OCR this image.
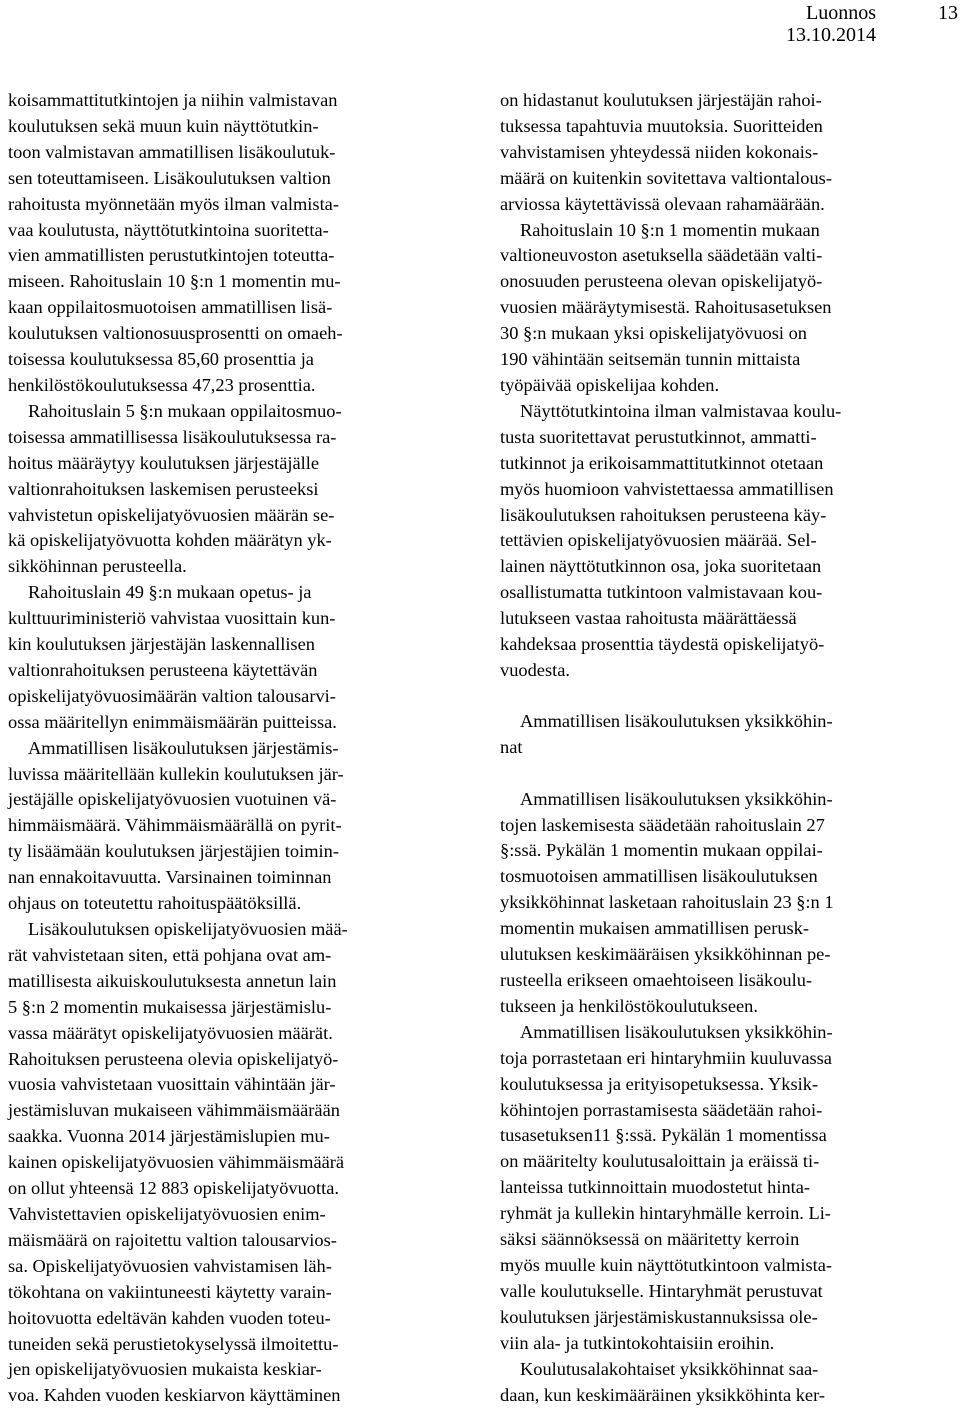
Luonnos
13.10.2014
13

koisammattitutkintojen ja niihin valmistavan
koulutuksen sekä muun kuin näyttötutkin-
toon valmistavan ammatillisen lisäkoulutuk-
sen toteuttamiseen. Lisäkoulutuksen valtion
rahoitusta myönnetään myös ilman valmista-
vaa koulutusta, näyttötutkintoina suoritetta-
vien ammatillisten perustutkintojen toteutta-
miseen. Rahoituslain 10 §:n 1 momentin mu-
kaan oppilaitosmuotoisen ammatillisen lisä-
koulutuksen valtionosuusprosentti on omaeh-
toisessa koulutuksessa 85,60 prosenttia ja
henkilöstökoulutuksessa 47,23 prosenttia.

Rahoituslain 5 §:n mukaan oppilaitosmuo-
toisessa ammatillisessa lisäkoulutuksessa ra-
hoitus määräytyy koulutuksen järjestäjälle
valtionrahoituksen laskemisen perusteeksi
vahvistetun opiskelijatyövuosien määrän se-
kä opiskelijatyövuotta kohden määrätyn yk-
sikköhinnan perusteella.

Rahoituslain 49 §:n mukaan opetus- ja
kulttuuriministeriö vahvistaa vuosittain kun-
kin koulutuksen järjestäjän laskennallisen
valtionrahoituksen perusteena käytettävän
opiskelijatyövuosimäärän valtion talousarvi-
ossa määritellyn enimmäismäärän puitteissa.

Ammatillisen lisäkoulutuksen järjestämis-
luvissa määritellään kullekin koulutuksen jär-
jestäjälle opiskelijatyövuosien vuotuinen vä-
himmäismäärä. Vähimmäismäärällä on pyrit-
ty lisäämään koulutuksen järjestäjien toimin-
nan ennakoitavuutta. Varsinainen toiminnan
ohjaus on toteutettu rahoituspäätöksillä.

Lisäkoulutuksen opiskelijatyövuosien mää-
rät vahvistetaan siten, että pohjana ovat am-
matillisesta aikuiskoulutuksesta annetun lain
5 §:n 2 momentin mukaisessa järjestämislu-
vassa määrätyt opiskelijatyövuosien määrät.
Rahoituksen perusteena olevia opiskelijatyö-
vuosia vahvistetaan vuosittain vähintään jär-
jestämisluvan mukaiseen vähimmäismäärään
saakka. Vuonna 2014 järjestämislupien mu-
kainen opiskelijatyövuosien vähimmäismäärä
on ollut yhteensä 12 883 opiskelijatyövuotta.
Vahvistettavien opiskelijatyövuosien enim-
mäismäärä on rajoitettu valtion talousarvios-
sa. Opiskelijatyövuosien vahvistamisen läh-
tökohtana on vakiintuneesti käytetty varain-
hoitovuotta edeltävän kahden vuoden toteu-
tuneiden sekä perustietokyselyssä ilmoitettu-
jen opiskelijatyövuosien mukaista keskiar-
voa. Kahden vuoden keskiarvon käyttäminen

on hidastanut koulutuksen järjestäjän rahoi-
tuksessa tapahtuvia muutoksia. Suoritteiden
vahvistamisen yhteydessä niiden kokonais-
määrä on kuitenkin sovitettava valtiontalous-
arviossa käytettävissä olevaan rahamäärään.

Rahoituslain 10 §:n 1 momentin mukaan
valtioneuvoston asetuksella säädetään valti-
onosuuden perusteena olevan opiskelijatyö-
vuosien määräytymisestä. Rahoitusasetuksen
30 §:n mukaan yksi opiskelijatyövuosi on
190 vähintään seitsemän tunnin mittaista
työpäivää opiskelijaa kohden.

Näyttötutkintoina ilman valmistavaa koulu-
tusta suoritettavat perustutkinnot, ammatti-
tutkinnot ja erikoisammattitutkinnot otetaan
myös huomioon vahvistettaessa ammatillisen
lisäkoulutuksen rahoituksen perusteena käy-
tettävien opiskelijatyövuosien määrää. Sel-
lainen näyttötutkinnon osa, joka suoritetaan
osallistumatta tutkintoon valmistavaan kou-
lutukseen vastaa rahoitusta määrättäessä
kahdeksaa prosenttia täydestä opiskelijatyö-
vuodesta.

Ammatillisen lisäkoulutuksen yksikköhin-
nat

Ammatillisen lisäkoulutuksen yksikköhin-
tojen laskemisesta säädetään rahoituslain 27
§:ssä. Pykälän 1 momentin mukaan oppilai-
tosmuotoisen ammatillisen lisäkoulutuksen
yksikköhinnat lasketaan rahoituslain 23 §:n 1
momentin mukaisen ammatillisen perusk-
ulutuksen keskimääräisen yksikköhinnan pe-
rusteella erikseen omaehtoiseen lisäkoulu-
tukseen ja henkilöstökoulutukseen.

Ammatillisen lisäkoulutuksen yksikköhin-
toja porrastetaan eri hintaryhmiin kuuluvassa
koulutuksessa ja erityisopetuksessa. Yksik-
köhintojen porrastamisesta säädetään rahoi-
tusasetuksen11 §:ssä. Pykälän 1 momentissa
on määritelty koulutusaloittain ja eräissä ti-
lanteissa tutkinnoittain muodostetut hinta-
ryhmät ja kullekin hintaryhmälle kerroin. Li-
säksi säännöksessä on määritetty kerroin
myös muulle kuin näyttötutkintoon valmista-
valle koulutukselle. Hintaryhmät perustuvat
koulutuksen järjestämiskustannuksissa ole-
viin ala- ja tutkintokohtaisiin eroihin.

Koulutusalakohtaiset yksikköhinnat saa-
daan, kun keskimääräinen yksikköhinta ker-
